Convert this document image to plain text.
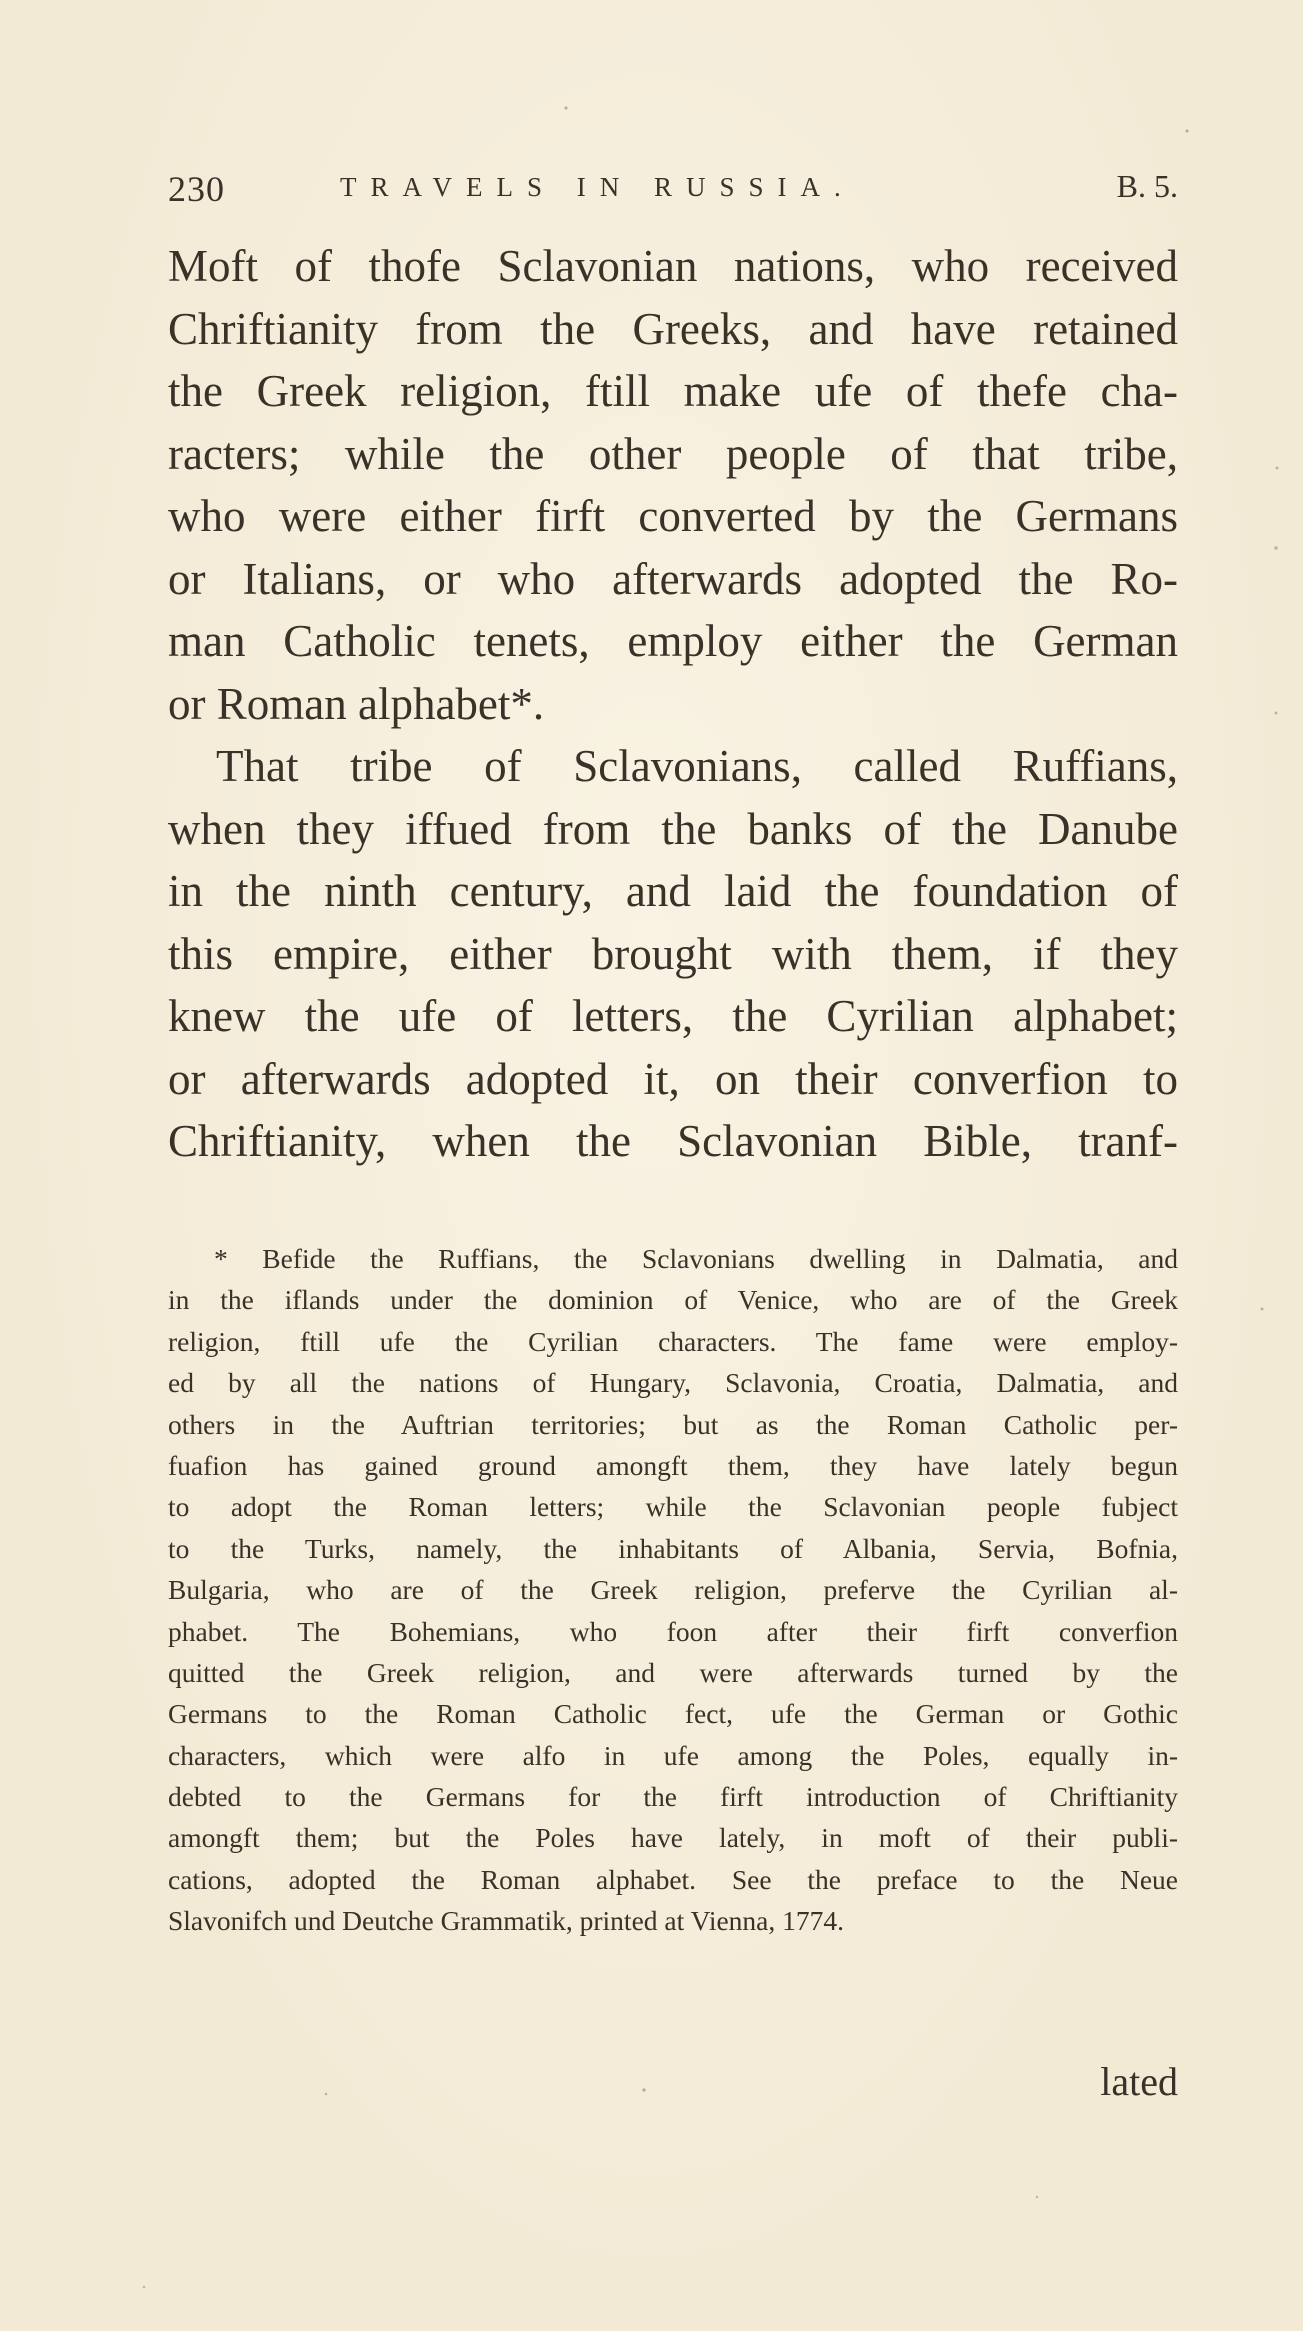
230	TRAVELS IN RUSSIA.	B. 5.
Moft of thofe Sclavonian nations, who received
Chriftianity from the Greeks, and have retained
the Greek religion, ftill make ufe of thefe cha-
racters; while the other people of that tribe,
who were either firft converted by the Germans
or Italians, or who afterwards adopted the Ro-
man Catholic tenets, employ either the German
or Roman alphabet*.
That tribe of Sclavonians, called Ruffians,
when they iffued from the banks of the Danube
in the ninth century, and laid the foundation of
this empire, either brought with them, if they
knew the ufe of letters, the Cyrilian alphabet;
or afterwards adopted it, on their converfion to
Chriftianity, when the Sclavonian Bible, tranf-
* Befide the Ruffians, the Sclavonians dwelling in Dalmatia, and
in the iflands under the dominion of Venice, who are of the Greek
religion, ftill ufe the Cyrilian characters. The fame were employ-
ed by all the nations of Hungary, Sclavonia, Croatia, Dalmatia, and
others in the Auftrian territories; but as the Roman Catholic per-
fuafion has gained ground amongft them, they have lately begun
to adopt the Roman letters; while the Sclavonian people fubject
to the Turks, namely, the inhabitants of Albania, Servia, Bofnia,
Bulgaria, who are of the Greek religion, preferve the Cyrilian al-
phabet. The Bohemians, who foon after their firft converfion
quitted the Greek religion, and were afterwards turned by the
Germans to the Roman Catholic fect, ufe the German or Gothic
characters, which were alfo in ufe among the Poles, equally in-
debted to the Germans for the firft introduction of Chriftianity
amongft them; but the Poles have lately, in moft of their publi-
cations, adopted the Roman alphabet. See the preface to the Neue
Slavonifch und Deutche Grammatik, printed at Vienna, 1774.
lated
